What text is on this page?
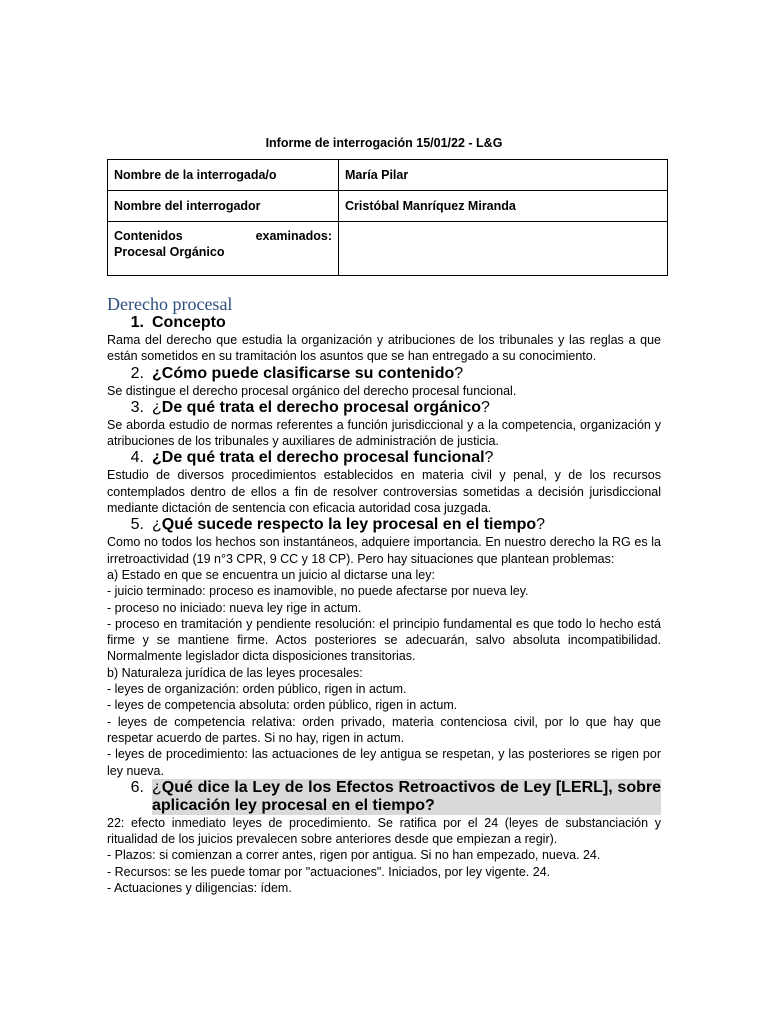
Informe de interrogación 15/01/22 - L&G
Nombre de la interrogada/o	María Pilar
Nombre del interrogador	Cristóbal Manríquez Miranda

Contenidos examinados:
Procesal Orgánico	

Derecho procesal
1. Concepto

Rama del derecho que estudia la organización y atribuciones de los tribunales y las reglas a que están sometidos en su tramitación los asuntos que se han entregado a su conocimiento.

2. ¿Cómo puede clasificarse su contenido?

Se distingue el derecho procesal orgánico del derecho procesal funcional.

3. ¿De qué trata el derecho procesal orgánico?

Se aborda estudio de normas referentes a función jurisdiccional y a la competencia, organización y atribuciones de los tribunales y auxiliares de administración de justicia.

4. ¿De qué trata el derecho procesal funcional?

Estudio de diversos procedimientos establecidos en materia civil y penal, y de los recursos contemplados dentro de ellos a fin de resolver controversias sometidas a decisión jurisdiccional mediante dictación de sentencia con eficacia autoridad cosa juzgada.

5. ¿Qué sucede respecto la ley procesal en el tiempo?

Como no todos los hechos son instantáneos, adquiere importancia. En nuestro derecho la RG es la irretroactividad (19 n°3 CPR, 9 CC y 18 CP). Pero hay situaciones que plantean problemas:

a) Estado en que se encuentra un juicio al dictarse una ley:

- juicio terminado: proceso es inamovible, no puede afectarse por nueva ley.

- proceso no iniciado: nueva ley rige in actum.

- proceso en tramitación y pendiente resolución: el principio fundamental es que todo lo hecho está firme y se mantiene firme. Actos posteriores se adecuarán, salvo absoluta incompatibilidad. Normalmente legislador dicta disposiciones transitorias.

b) Naturaleza jurídica de las leyes procesales:

- leyes de organización: orden público, rigen in actum.

- leyes de competencia absoluta: orden público, rigen in actum.

- leyes de competencia relativa: orden privado, materia contenciosa civil, por lo que hay que respetar acuerdo de partes. Si no hay, rigen in actum.

- leyes de procedimiento: las actuaciones de ley antigua se respetan, y las posteriores se rigen por ley nueva.

6. ¿Qué dice la Ley de los Efectos Retroactivos de Ley [LERL], sobre aplicación ley procesal en el tiempo?

22: efecto inmediato leyes de procedimiento. Se ratifica por el 24 (leyes de substanciación y ritualidad de los juicios prevalecen sobre anteriores desde que empiezan a regir).

- Plazos: si comienzan a correr antes, rigen por antigua. Si no han empezado, nueva. 24.

- Recursos: se les puede tomar por "actuaciones". Iniciados, por ley vigente. 24.

- Actuaciones y diligencias: ídem.
